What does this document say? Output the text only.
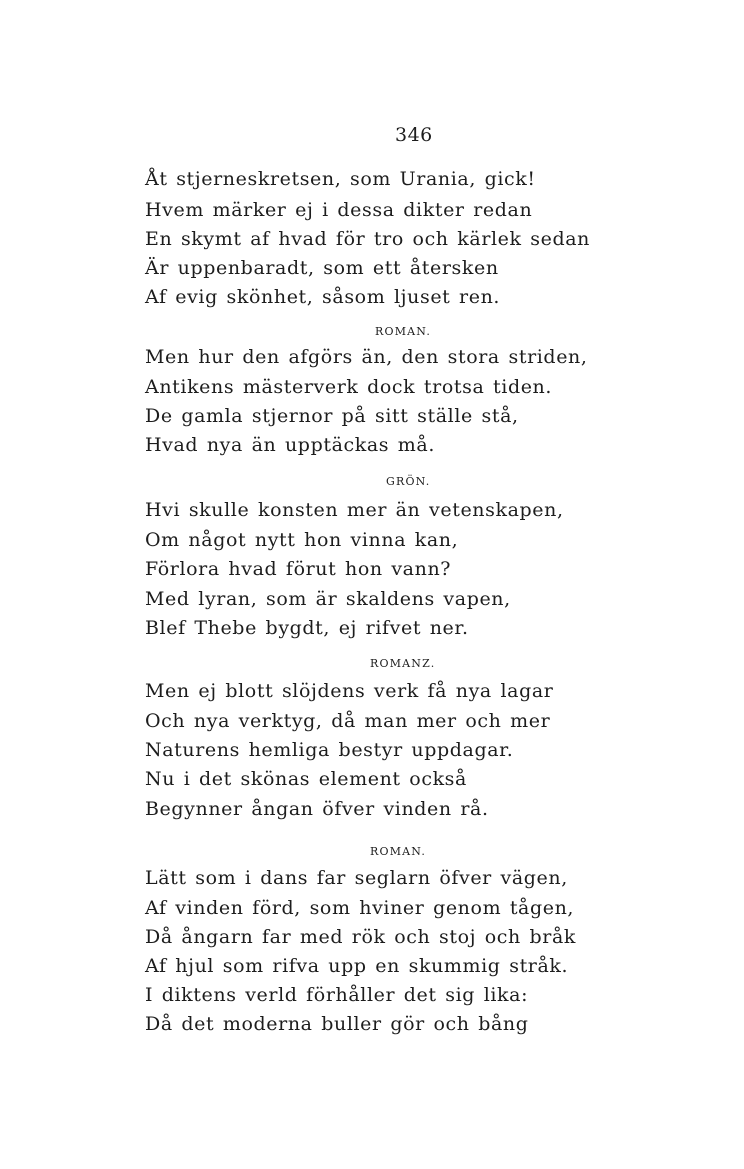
346
Åt stjerneskretsen, som Urania, gick!
Hvem märker ej i dessa dikter redan
En skymt af hvad för tro och kärlek sedan
Är uppenbaradt, som ett återsken
Af evig skönhet, såsom ljuset ren.
ROMAN.
Men hur den afgörs än, den stora striden,
Antikens mästerverk dock trotsa tiden.
De gamla stjernor på sitt ställe stå,
Hvad nya än upptäckas må.
GRÖN.
Hvi skulle konsten mer än vetenskapen,
Om något nytt hon vinna kan,
Förlora hvad förut hon vann?
Med lyran, som är skaldens vapen,
Blef Thebe bygdt, ej rifvet ner.
ROMANZ.
Men ej blott slöjdens verk få nya lagar
Och nya verktyg, då man mer och mer
Naturens hemliga bestyr uppdagar.
Nu i det skönas element också
Begynner ångan öfver vinden rå.
ROMAN.
Lätt som i dans far seglarn öfver vägen,
Af vinden förd, som hviner genom tågen,
Då ångarn far med rök och stoj och bråk
Af hjul som rifva upp en skummig stråk.
I diktens verld förhåller det sig lika:
Då det moderna buller gör och bång
